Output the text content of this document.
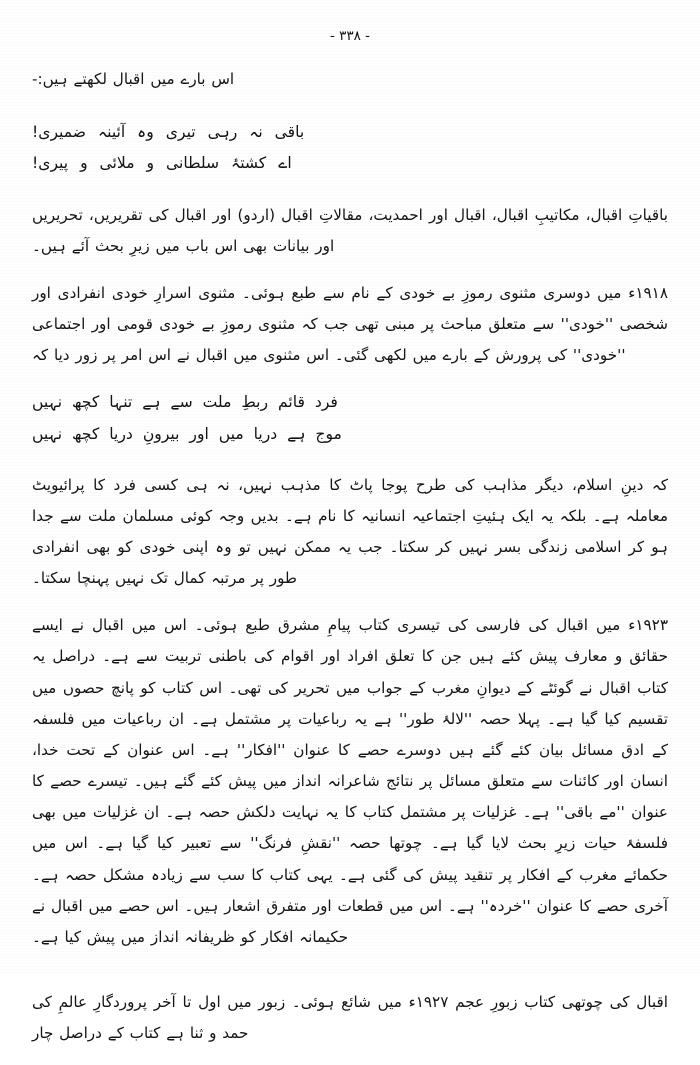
- ۳۳۸ -

اس بارے میں اقبال لکھتے ہیں:-

باقی نہ رہی تیری وہ آئینہ ضمیری!
اے کشتۂ سلطانی و ملائی و پیری!

باقیاتِ اقبال، مکاتیبِ اقبال، اقبال اور احمدیت، مقالاتِ اقبال (اردو) اور اقبال کی تقریریں، تحریریں اور بیانات بھی اس باب میں زیرِ بحث آئے ہیں۔

۱۹۱۸ء میں دوسری مثنوی رموزِ بے خودی کے نام سے طبع ہوئی۔ مثنوی اسرارِ خودی انفرادی اور شخصی ''خودی'' سے متعلق مباحث پر مبنی تھی جب کہ مثنوی رموزِ بے خودی قومی اور اجتماعی ''خودی'' کی پرورش کے بارے میں لکھی گئی۔ اس مثنوی میں اقبال نے اس امر پر زور دیا کہ

فرد قائم ربطِ ملت سے ہے تنہا کچھ نہیں
موج ہے دریا میں اور بیرونِ دریا کچھ نہیں

کہ دینِ اسلام، دیگر مذاہب کی طرح پوجا پاٹ کا مذہب نہیں، نہ ہی کسی فرد کا پرائیویٹ معاملہ ہے۔ بلکہ یہ ایک ہئیتِ اجتماعیہ انسانیہ کا نام ہے۔ بدیں وجہ کوئی مسلمان ملت سے جدا ہو کر اسلامی زندگی بسر نہیں کر سکتا۔ جب یہ ممکن نہیں تو وہ اپنی خودی کو بھی انفرادی طور پر مرتبہ کمال تک نہیں پہنچا سکتا۔

۱۹۲۳ء میں اقبال کی فارسی کی تیسری کتاب پیامِ مشرق طبع ہوئی۔ اس میں اقبال نے ایسے حقائق و معارف پیش کئے ہیں جن کا تعلق افراد اور اقوام کی باطنی تربیت سے ہے۔ دراصل یہ کتاب اقبال نے گوئٹے کے دیوانِ مغرب کے جواب میں تحریر کی تھی۔ اس کتاب کو پانچ حصوں میں تقسیم کیا گیا ہے۔ پہلا حصہ ''لالۂ طور'' ہے یہ رباعیات پر مشتمل ہے۔ ان رباعیات میں فلسفہ کے ادق مسائل بیان کئے گئے ہیں دوسرے حصے کا عنوان ''افکار'' ہے۔ اس عنوان کے تحت خدا، انسان اور کائنات سے متعلق مسائل پر نتائج شاعرانہ انداز میں پیش کئے گئے ہیں۔ تیسرے حصے کا عنوان ''مے باقی'' ہے۔ غزلیات پر مشتمل کتاب کا یہ نہایت دلکش حصہ ہے۔ ان غزلیات میں بھی فلسفۂ حیات زیرِ بحث لایا گیا ہے۔ چوتھا حصہ ''نقشِ فرنگ'' سے تعبیر کیا گیا ہے۔ اس میں حکمائے مغرب کے افکار پر تنقید پیش کی گئی ہے۔ یہی کتاب کا سب سے زیادہ مشکل حصہ ہے۔ آخری حصے کا عنوان ''خردہ'' ہے۔ اس میں قطعات اور متفرق اشعار ہیں۔ اس حصے میں اقبال نے حکیمانہ افکار کو ظریفانہ انداز میں پیش کیا ہے۔

اقبال کی چوتھی کتاب زبورِ عجم ۱۹۲۷ء میں شائع ہوئی۔ زبور میں اول تا آخر پروردگارِ عالمِ کی حمد و ثنا ہے کتاب کے دراصل چار
